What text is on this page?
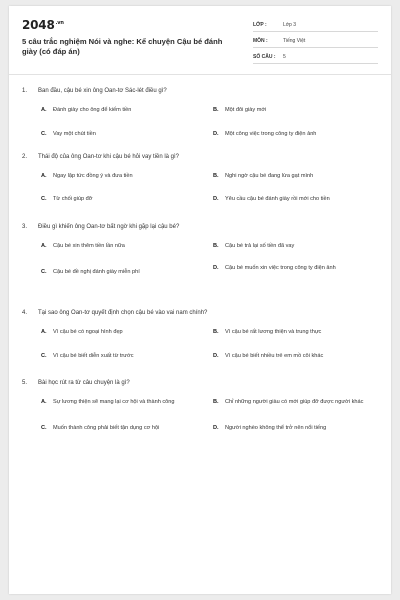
$2048^{.vn}$
5 câu trắc nghiệm Nói và nghe: Kể chuyện Cậu bé đánh giày (có đáp án)
LỚP :	Lớp 3
MÔN :	Tiếng Việt
SỐ CÂU :	5
1. Ban đầu, cậu bé xin ông Oan-tơ Sác-lét điều gì?
A.	Đánh giày cho ông để kiếm tiền	B.	Một đôi giày mới
C.	Vay một chút tiền	D.	Một công việc trong công ty điện ảnh
2. Thái độ của ông Oan-tơ khi cậu bé hỏi vay tiền là gì?
A.	Ngay lập tức đồng ý và đưa tiền	B.	Nghi ngờ cậu bé đang lừa gạt mình
C.	Từ chối giúp đỡ	D.	Yêu cầu cậu bé đánh giày rồi mới cho tiền
3. Điều gì khiến ông Oan-tơ bất ngờ khi gặp lại cậu bé?
A.	Cậu bé xin thêm tiền lần nữa	B.	Cậu bé trả lại số tiền đã vay
C.	Cậu bé đề nghị đánh giày miễn phí
D.	Cậu bé muốn xin việc trong công ty điện ảnh
4. Tại sao ông Oan-tơ quyết định chọn cậu bé vào vai nam chính?
A.	Vì cậu bé có ngoại hình đẹp	B.	Vì cậu bé rất lương thiện và trung thực
C.	Vì cậu bé biết diễn xuất từ trước	D.	Vì cậu bé biết nhiều trẻ em mồ côi khác
5. Bài học rút ra từ câu chuyện là gì?
A.	Sự lương thiện sẽ mang lại cơ hội và thành công	B.	Chỉ những người giàu có mới giúp đỡ được người khác
C.	Muốn thành công phải biết tận dụng cơ hội	D.	Người nghèo không thể trở nên nổi tiếng
